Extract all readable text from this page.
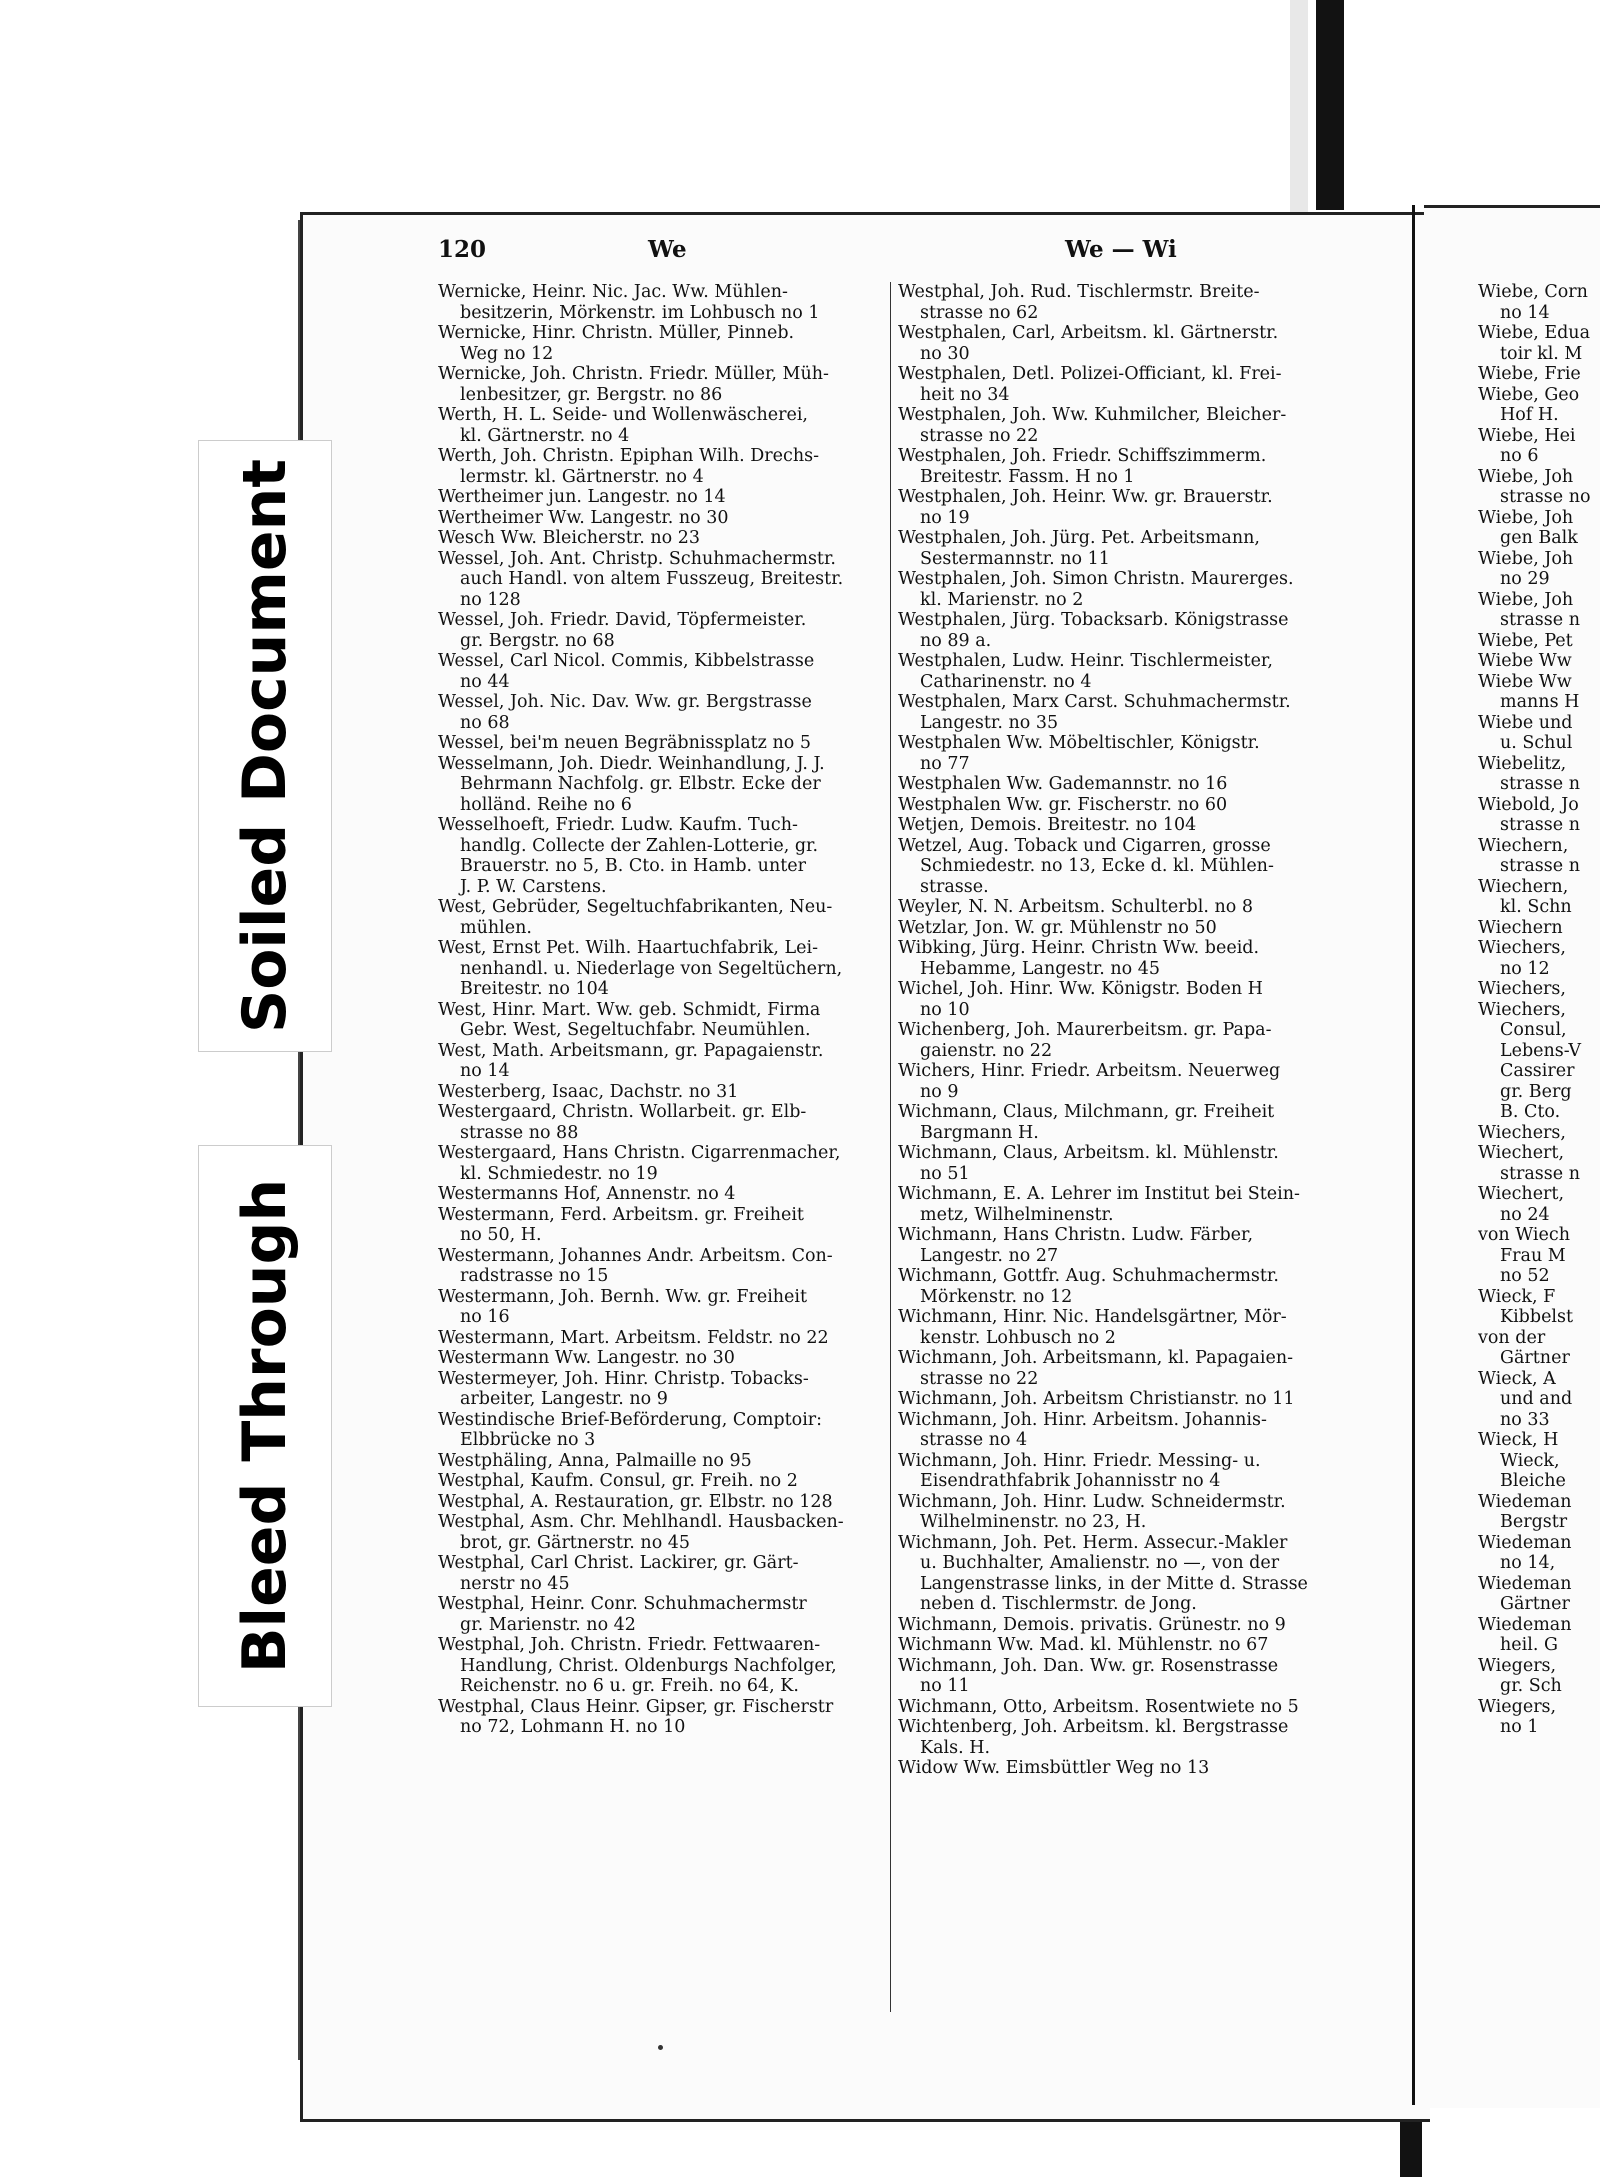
Soiled Document
Bleed Through
120	We	We — Wi
Wernicke, Heinr. Nic. Jac. Ww. Mühlen-
besitzerin, Mörkenstr. im Lohbusch no 1
Wernicke, Hinr. Christn. Müller, Pinneb.
Weg no 12
Wernicke, Joh. Christn. Friedr. Müller, Müh-
lenbesitzer, gr. Bergstr. no 86
Werth, H. L. Seide- und Wollenwäscherei,
kl. Gärtnerstr. no 4
Werth, Joh. Christn. Epiphan Wilh. Drechs-
lermstr. kl. Gärtnerstr. no 4
Wertheimer jun. Langestr. no 14
Wertheimer Ww. Langestr. no 30
Wesch Ww. Bleicherstr. no 23
Wessel, Joh. Ant. Christp. Schuhmachermstr.
auch Handl. von altem Fusszeug, Breitestr.
no 128
Wessel, Joh. Friedr. David, Töpfermeister.
gr. Bergstr. no 68
Wessel, Carl Nicol. Commis, Kibbelstrasse
no 44
Wessel, Joh. Nic. Dav. Ww. gr. Bergstrasse
no 68
Wessel, bei'm neuen Begräbnissplatz no 5
Wesselmann, Joh. Diedr. Weinhandlung, J. J.
Behrmann Nachfolg. gr. Elbstr. Ecke der
holländ. Reihe no 6
Wesselhoeft, Friedr. Ludw. Kaufm. Tuch-
handlg. Collecte der Zahlen-Lotterie, gr.
Brauerstr. no 5, B. Cto. in Hamb. unter
J. P. W. Carstens.
West, Gebrüder, Segeltuchfabrikanten, Neu-
mühlen.
West, Ernst Pet. Wilh. Haartuchfabrik, Lei-
nenhandl. u. Niederlage von Segeltüchern,
Breitestr. no 104
West, Hinr. Mart. Ww. geb. Schmidt, Firma
Gebr. West, Segeltuchfabr. Neumühlen.
West, Math. Arbeitsmann, gr. Papagaienstr.
no 14
Westerberg, Isaac, Dachstr. no 31
Westergaard, Christn. Wollarbeit. gr. Elb-
strasse no 88
Westergaard, Hans Christn. Cigarrenmacher,
kl. Schmiedestr. no 19
Westermanns Hof, Annenstr. no 4
Westermann, Ferd. Arbeitsm. gr. Freiheit
no 50, H.
Westermann, Johannes Andr. Arbeitsm. Con-
radstrasse no 15
Westermann, Joh. Bernh. Ww. gr. Freiheit
no 16
Westermann, Mart. Arbeitsm. Feldstr. no 22
Westermann Ww. Langestr. no 30
Westermeyer, Joh. Hinr. Christp. Tobacks-
arbeiter, Langestr. no 9
Westindische Brief-Beförderung, Comptoir:
Elbbrücke no 3
Westphäling, Anna, Palmaille no 95
Westphal, Kaufm. Consul, gr. Freih. no 2
Westphal, A. Restauration, gr. Elbstr. no 128
Westphal, Asm. Chr. Mehlhandl. Hausbacken-
brot, gr. Gärtnerstr. no 45
Westphal, Carl Christ. Lackirer, gr. Gärt-
nerstr no 45
Westphal, Heinr. Conr. Schuhmachermstr
gr. Marienstr. no 42
Westphal, Joh. Christn. Friedr. Fettwaaren-
Handlung, Christ. Oldenburgs Nachfolger,
Reichenstr. no 6 u. gr. Freih. no 64, K.
Westphal, Claus Heinr. Gipser, gr. Fischerstr
no 72, Lohmann H. no 10
Westphal, Joh. Rud. Tischlermstr. Breite-
strasse no 62
Westphalen, Carl, Arbeitsm. kl. Gärtnerstr.
no 30
Westphalen, Detl. Polizei-Officiant, kl. Frei-
heit no 34
Westphalen, Joh. Ww. Kuhmilcher, Bleicher-
strasse no 22
Westphalen, Joh. Friedr. Schiffszimmerm.
Breitestr. Fassm. H no 1
Westphalen, Joh. Heinr. Ww. gr. Brauerstr.
no 19
Westphalen, Joh. Jürg. Pet. Arbeitsmann,
Sestermannstr. no 11
Westphalen, Joh. Simon Christn. Maurerges.
kl. Marienstr. no 2
Westphalen, Jürg. Tobacksarb. Königstrasse
no 89 a.
Westphalen, Ludw. Heinr. Tischlermeister,
Catharinenstr. no 4
Westphalen, Marx Carst. Schuhmachermstr.
Langestr. no 35
Westphalen Ww. Möbeltischler, Königstr.
no 77
Westphalen Ww. Gademannstr. no 16
Westphalen Ww. gr. Fischerstr. no 60
Wetjen, Demois. Breitestr. no 104
Wetzel, Aug. Toback und Cigarren, grosse
Schmiedestr. no 13, Ecke d. kl. Mühlen-
strasse.
Weyler, N. N. Arbeitsm. Schulterbl. no 8
Wetzlar, Jon. W. gr. Mühlenstr no 50
Wibking, Jürg. Heinr. Christn Ww. beeid.
Hebamme, Langestr. no 45
Wichel, Joh. Hinr. Ww. Königstr. Boden H
no 10
Wichenberg, Joh. Maurerbeitsm. gr. Papa-
gaienstr. no 22
Wichers, Hinr. Friedr. Arbeitsm. Neuerweg
no 9
Wichmann, Claus, Milchmann, gr. Freiheit
Bargmann H.
Wichmann, Claus, Arbeitsm. kl. Mühlenstr.
no 51
Wichmann, E. A. Lehrer im Institut bei Stein-
metz, Wilhelminenstr.
Wichmann, Hans Christn. Ludw. Färber,
Langestr. no 27
Wichmann, Gottfr. Aug. Schuhmachermstr.
Mörkenstr. no 12
Wichmann, Hinr. Nic. Handelsgärtner, Mör-
kenstr. Lohbusch no 2
Wichmann, Joh. Arbeitsmann, kl. Papagaien-
strasse no 22
Wichmann, Joh. Arbeitsm Christianstr. no 11
Wichmann, Joh. Hinr. Arbeitsm. Johannis-
strasse no 4
Wichmann, Joh. Hinr. Friedr. Messing- u.
Eisendrathfabrik Johannisstr no 4
Wichmann, Joh. Hinr. Ludw. Schneidermstr.
Wilhelminenstr. no 23, H.
Wichmann, Joh. Pet. Herm. Assecur.-Makler
u. Buchhalter, Amalienstr. no —, von der
Langenstrasse links, in der Mitte d. Strasse
neben d. Tischlermstr. de Jong.
Wichmann, Demois. privatis. Grünestr. no 9
Wichmann Ww. Mad. kl. Mühlenstr. no 67
Wichmann, Joh. Dan. Ww. gr. Rosenstrasse
no 11
Wichmann, Otto, Arbeitsm. Rosentwiete no 5
Wichtenberg, Joh. Arbeitsm. kl. Bergstrasse
Kals. H.
Widow Ww. Eimsbüttler Weg no 13
Wiebe, Corn
no 14
Wiebe, Edua
toir kl. M
Wiebe, Frie
Wiebe, Geo
Hof H.
Wiebe, Hei
no 6
Wiebe, Joh
strasse no
Wiebe, Joh
gen Balk
Wiebe, Joh
no 29
Wiebe, Joh
strasse n
Wiebe, Pet
Wiebe Ww
Wiebe Ww
manns H
Wiebe und
u. Schul
Wiebelitz,
strasse n
Wiebold, Jo
strasse n
Wiechern,
strasse n
Wiechern,
kl. Schn
Wiechern
Wiechers,
no 12
Wiechers,
Wiechers,
Consul,
Lebens-V
Cassirer
gr. Berg
B. Cto.
Wiechers,
Wiechert,
strasse n
Wiechert,
no 24
von Wiech
Frau M
no 52
Wieck, F
Kibbelst
von der
Gärtner
Wieck, A
und and
no 33
Wieck, H
Wieck,
Bleiche
Wiedeman
Bergstr
Wiedeman
no 14,
Wiedeman
Gärtner
Wiedeman
heil. G
Wiegers,
gr. Sch
Wiegers,
no 1
